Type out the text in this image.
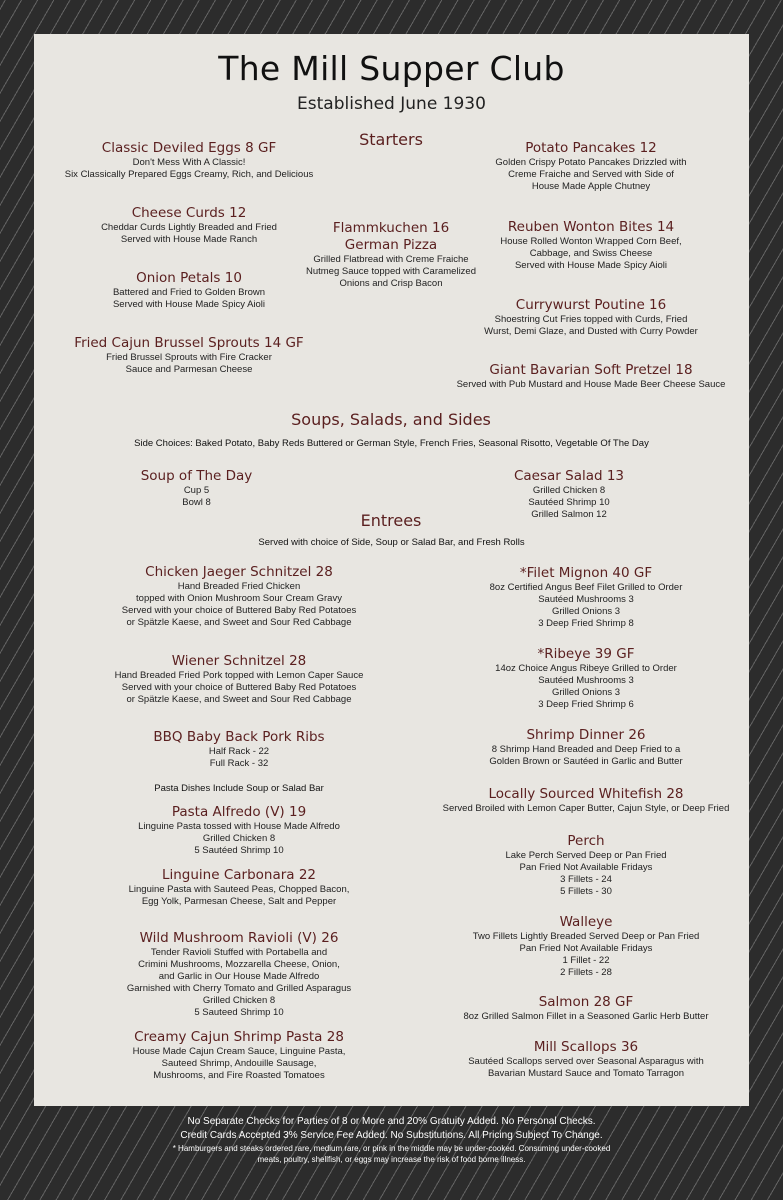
The Mill Supper Club
Established June 1930
Starters
Classic Deviled Eggs 8 GF
Don't Mess With A Classic!
Six Classically Prepared Eggs Creamy, Rich, and Delicious
Cheese Curds 12
Cheddar Curds Lightly Breaded and Fried
Served with House Made Ranch
Onion Petals 10
Battered and Fried to Golden Brown
Served with House Made Spicy Aioli
Fried Cajun Brussel Sprouts 14 GF
Fried Brussel Sprouts with Fire Cracker
Sauce and Parmesan Cheese
Flammkuchen 16
German Pizza
Grilled Flatbread with Creme Fraiche
Nutmeg Sauce topped with Caramelized
Onions and Crisp Bacon
Potato Pancakes 12
Golden Crispy Potato Pancakes Drizzled with
Creme Fraiche and Served with Side of
House Made Apple Chutney
Reuben Wonton Bites 14
House Rolled Wonton Wrapped Corn Beef,
Cabbage, and Swiss Cheese
Served with House Made Spicy Aioli
Currywurst Poutine 16
Shoestring Cut Fries topped with Curds, Fried
Wurst, Demi Glaze, and Dusted with Curry Powder
Giant Bavarian Soft Pretzel 18
Served with Pub Mustard and House Made Beer Cheese Sauce
Soups, Salads, and Sides
Side Choices: Baked Potato, Baby Reds Buttered or German Style, French Fries, Seasonal Risotto, Vegetable Of The Day
Soup of The Day
Cup 5
Bowl 8
Caesar Salad 13
Grilled Chicken 8
Sautéed Shrimp 10
Grilled Salmon 12
Entrees
Served with choice of Side, Soup or Salad Bar, and Fresh Rolls
Chicken Jaeger Schnitzel 28
Hand Breaded Fried Chicken
topped with Onion Mushroom Sour Cream Gravy
Served with your choice of Buttered Baby Red Potatoes
or Spätzle Kaese, and Sweet and Sour Red Cabbage
Wiener Schnitzel 28
Hand Breaded Fried Pork topped with Lemon Caper Sauce
Served with your choice of Buttered Baby Red Potatoes
or Spätzle Kaese, and Sweet and Sour Red Cabbage
BBQ Baby Back Pork Ribs
Half Rack - 22
Full Rack - 32
Pasta Dishes Include Soup or Salad Bar
Pasta Alfredo (V) 19
Linguine Pasta tossed with House Made Alfredo
Grilled Chicken 8
5 Sautéed Shrimp 10
Linguine Carbonara 22
Linguine Pasta with Sauteed Peas, Chopped Bacon,
Egg Yolk, Parmesan Cheese, Salt and Pepper
Wild Mushroom Ravioli (V) 26
Tender Ravioli Stuffed with Portabella and
Crimini Mushrooms, Mozzarella Cheese, Onion,
and Garlic in Our House Made Alfredo
Garnished with Cherry Tomato and Grilled Asparagus
Grilled Chicken 8
5 Sauteed Shrimp 10
Creamy Cajun Shrimp Pasta 28
House Made Cajun Cream Sauce, Linguine Pasta,
Sauteed Shrimp, Andouille Sausage,
Mushrooms, and Fire Roasted Tomatoes
*Filet Mignon 40 GF
8oz Certified Angus Beef Filet Grilled to Order
Sautéed Mushrooms 3
Grilled Onions 3
3 Deep Fried Shrimp 8
*Ribeye 39 GF
14oz Choice Angus Ribeye Grilled to Order
Sautéed Mushrooms 3
Grilled Onions 3
3 Deep Fried Shrimp 6
Shrimp Dinner 26
8 Shrimp Hand Breaded and Deep Fried to a
Golden Brown or Sautéed in Garlic and Butter
Locally Sourced Whitefish 28
Served Broiled with Lemon Caper Butter, Cajun Style, or Deep Fried
Perch
Lake Perch Served Deep or Pan Fried
Pan Fried Not Available Fridays
3 Fillets - 24
5 Fillets - 30
Walleye
Two Fillets Lightly Breaded Served Deep or Pan Fried
Pan Fried Not Available Fridays
1 Fillet - 22
2 Fillets - 28
Salmon 28 GF
8oz Grilled Salmon Fillet in a Seasoned Garlic Herb Butter
Mill Scallops 36
Sautéed Scallops served over Seasonal Asparagus with
Bavarian Mustard Sauce and Tomato Tarragon
No Separate Checks for Parties of 8 or More and 20% Gratuity Added. No Personal Checks.
Credit Cards Accepted 3% Service Fee Added. No Substitutions. All Pricing Subject To Change.
* Hamburgers and steaks ordered rare, medium rare, or pink in the middle may be under-cooked. Consuming under-cooked
meats, poultry, shellfish, or eggs may increase the risk of food borne illness.
